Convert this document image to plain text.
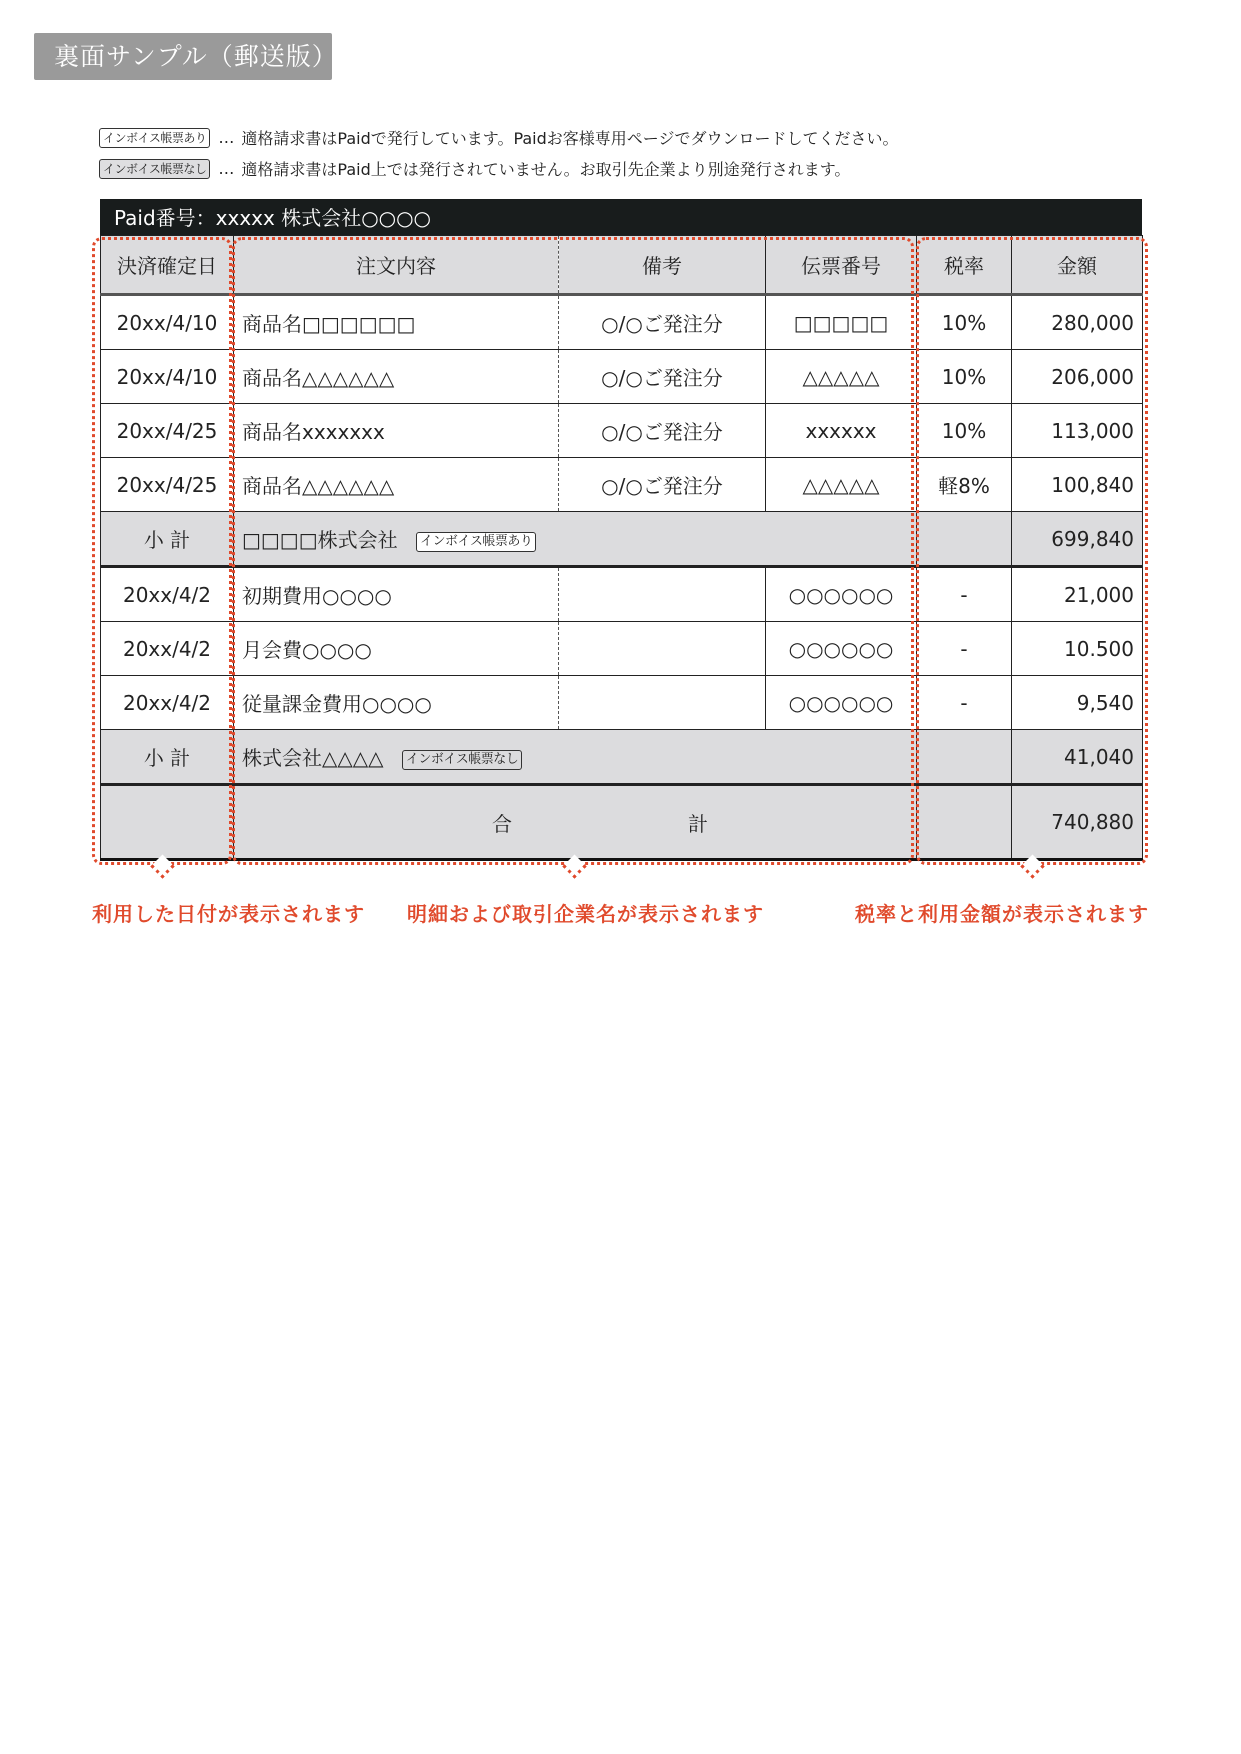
裏面サンプル（郵送版）
インボイス帳票あり … 適格請求書はPaidで発行しています。Paidお客様専用ページでダウンロードしてください。
インボイス帳票なし … 適格請求書はPaid上では発行されていません。お取引先企業より別途発行されます。
Paid番号：xxxxx 株式会社○○○○
決済確定日	注文内容	備考	伝票番号	税率	金額
20xx/4/10	商品名□□□□□□	○/○ご発注分	□□□□□	10%	280,000
20xx/4/10	商品名△△△△△△	○/○ご発注分	△△△△△	10%	206,000
20xx/4/25	商品名xxxxxxx	○/○ご発注分	xxxxxx	10%	113,000
20xx/4/25	商品名△△△△△△	○/○ご発注分	△△△△△	軽8%	100,840
小 計	□□□□株式会社 インボイス帳票あり				699,840
20xx/4/2	初期費用○○○○		○○○○○○	-	21,000
20xx/4/2	月会費○○○○		○○○○○○	-	10.500
20xx/4/2	従量課金費用○○○○		○○○○○○	-	9,540
小 計	株式会社△△△△ インボイス帳票なし				41,040

	合 計				740,880
利用した日付が表示されます 明細および取引企業名が表示されます	税率と利用金額が表示されます
